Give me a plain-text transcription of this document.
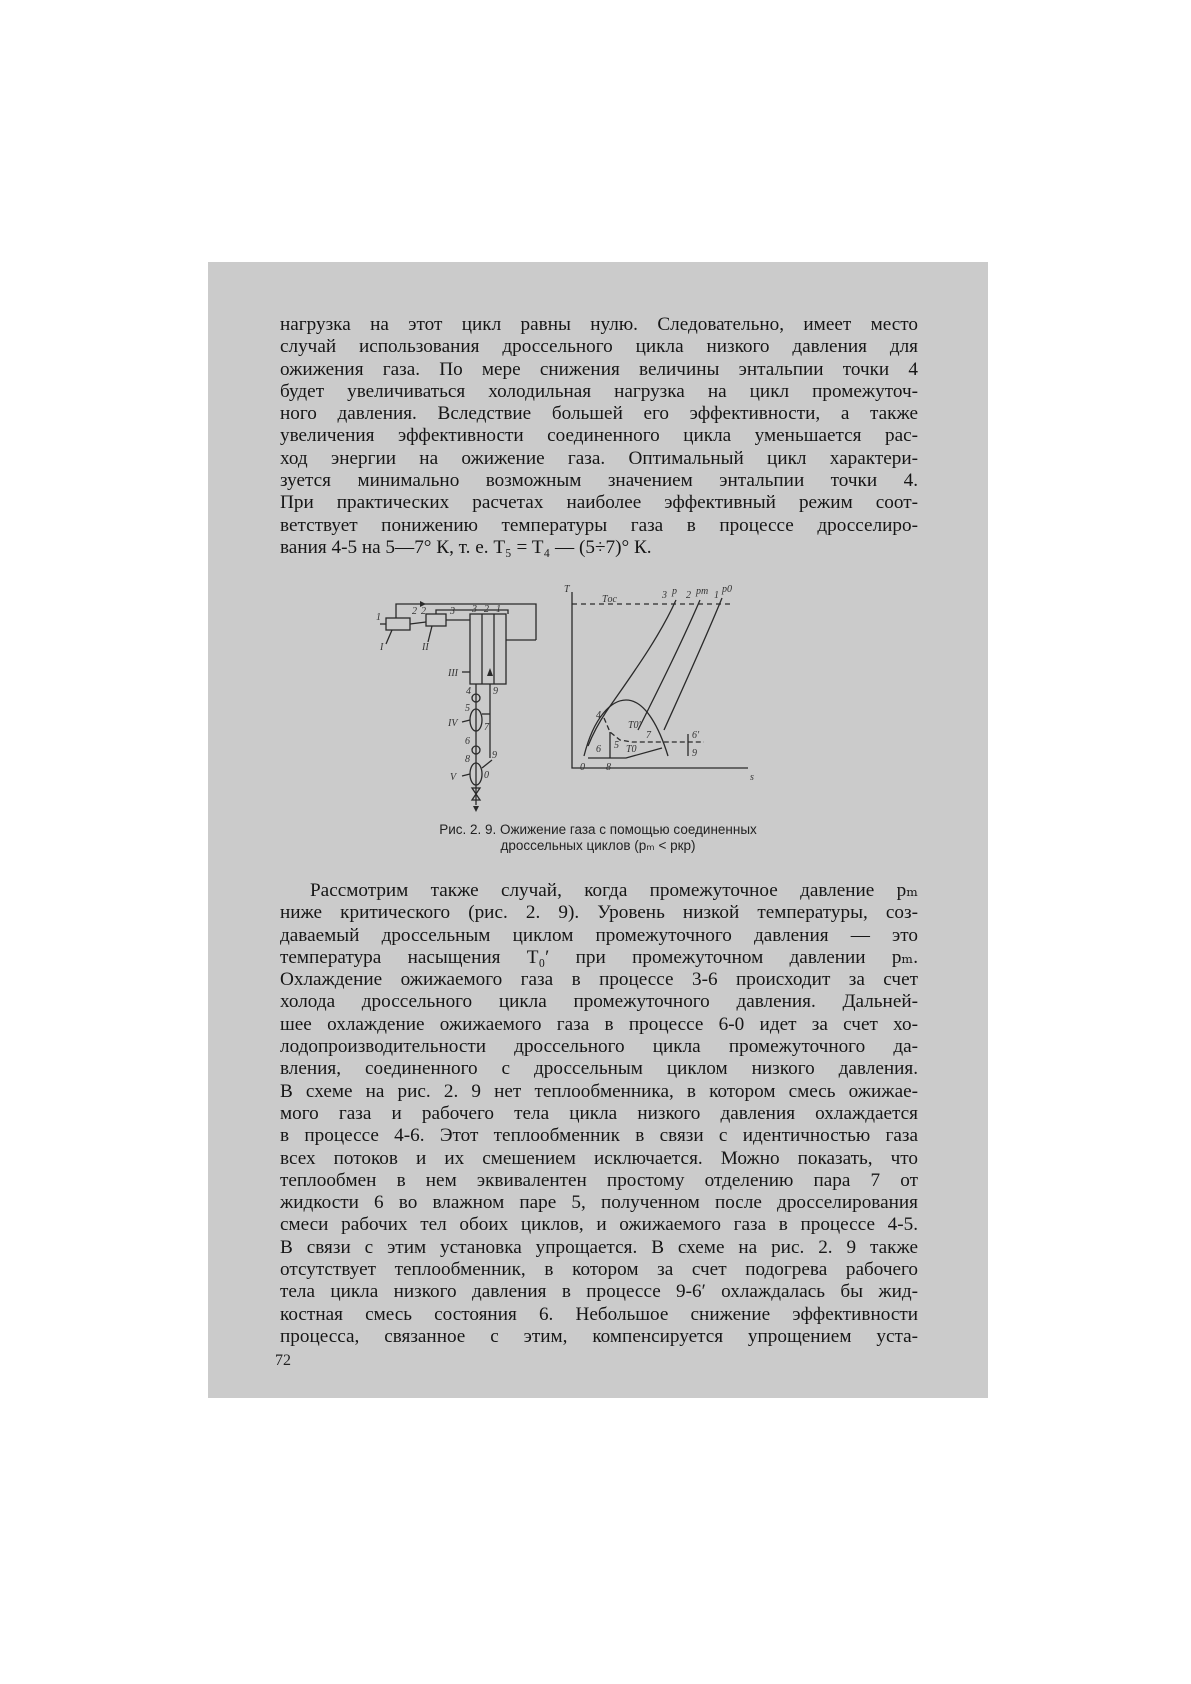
нагрузка на этот цикл равны нулю. Следовательно, имеет место
случай использования дроссельного цикла низкого давления для
ожижения газа. По мере снижения величины энтальпии точки 4
будет увеличиваться холодильная нагрузка на цикл промежуточ-
ного давления. Вследствие большей его эффективности, а также
увеличения эффективности соединенного цикла уменьшается рас-
ход энергии на ожижение газа. Оптимальный цикл характери-
зуется минимально возможным значением энтальпии точки 4.
При практических расчетах наиболее эффективный режим соот-
ветствует понижению температуры газа в процессе дросселиро-
вания 4-5 на 5—7° К, т. е. T₅ = T₄ — (5÷7)° К.
1
2 2 3 3 2 1
4 9
5
7
6
8 9
0
I	II
III
IV
V
T
s
Tос	3 p 2 pm 1
p0
T0'
T0
4
7
5
6'
9
6
8
0
Рис. 2. 9. Ожижение газа с помощью соединенных
дроссельных циклов (pₘ < pкр)
Рассмотрим также случай, когда промежуточное давление pₘ
ниже критического (рис. 2. 9). Уровень низкой температуры, соз-
даваемый дроссельным циклом промежуточного давления — это
температура насыщения T₀′ при промежуточном давлении pₘ.
Охлаждение ожижаемого газа в процессе 3-6 происходит за счет
холода дроссельного цикла промежуточного давления. Дальней-
шее охлаждение ожижаемого газа в процессе 6-0 идет за счет хо-
лодопроизводительности дроссельного цикла промежуточного да-
вления, соединенного с дроссельным циклом низкого давления.
В схеме на рис. 2. 9 нет теплообменника, в котором смесь ожижае-
мого газа и рабочего тела цикла низкого давления охлаждается
в процессе 4-6. Этот теплообменник в связи с идентичностью газа
всех потоков и их смешением исключается. Можно показать, что
теплообмен в нем эквивалентен простому отделению пара 7 от
жидкости 6 во влажном паре 5, полученном после дросселирования
смеси рабочих тел обоих циклов, и ожижаемого газа в процессе 4-5.
В связи с этим установка упрощается. В схеме на рис. 2. 9 также
отсутствует теплообменник, в котором за счет подогрева рабочего
тела цикла низкого давления в процессе 9-6′ охлаждалась бы жид-
костная смесь состояния 6. Небольшое снижение эффективности
процесса, связанное с этим, компенсируется упрощением уста-
72
